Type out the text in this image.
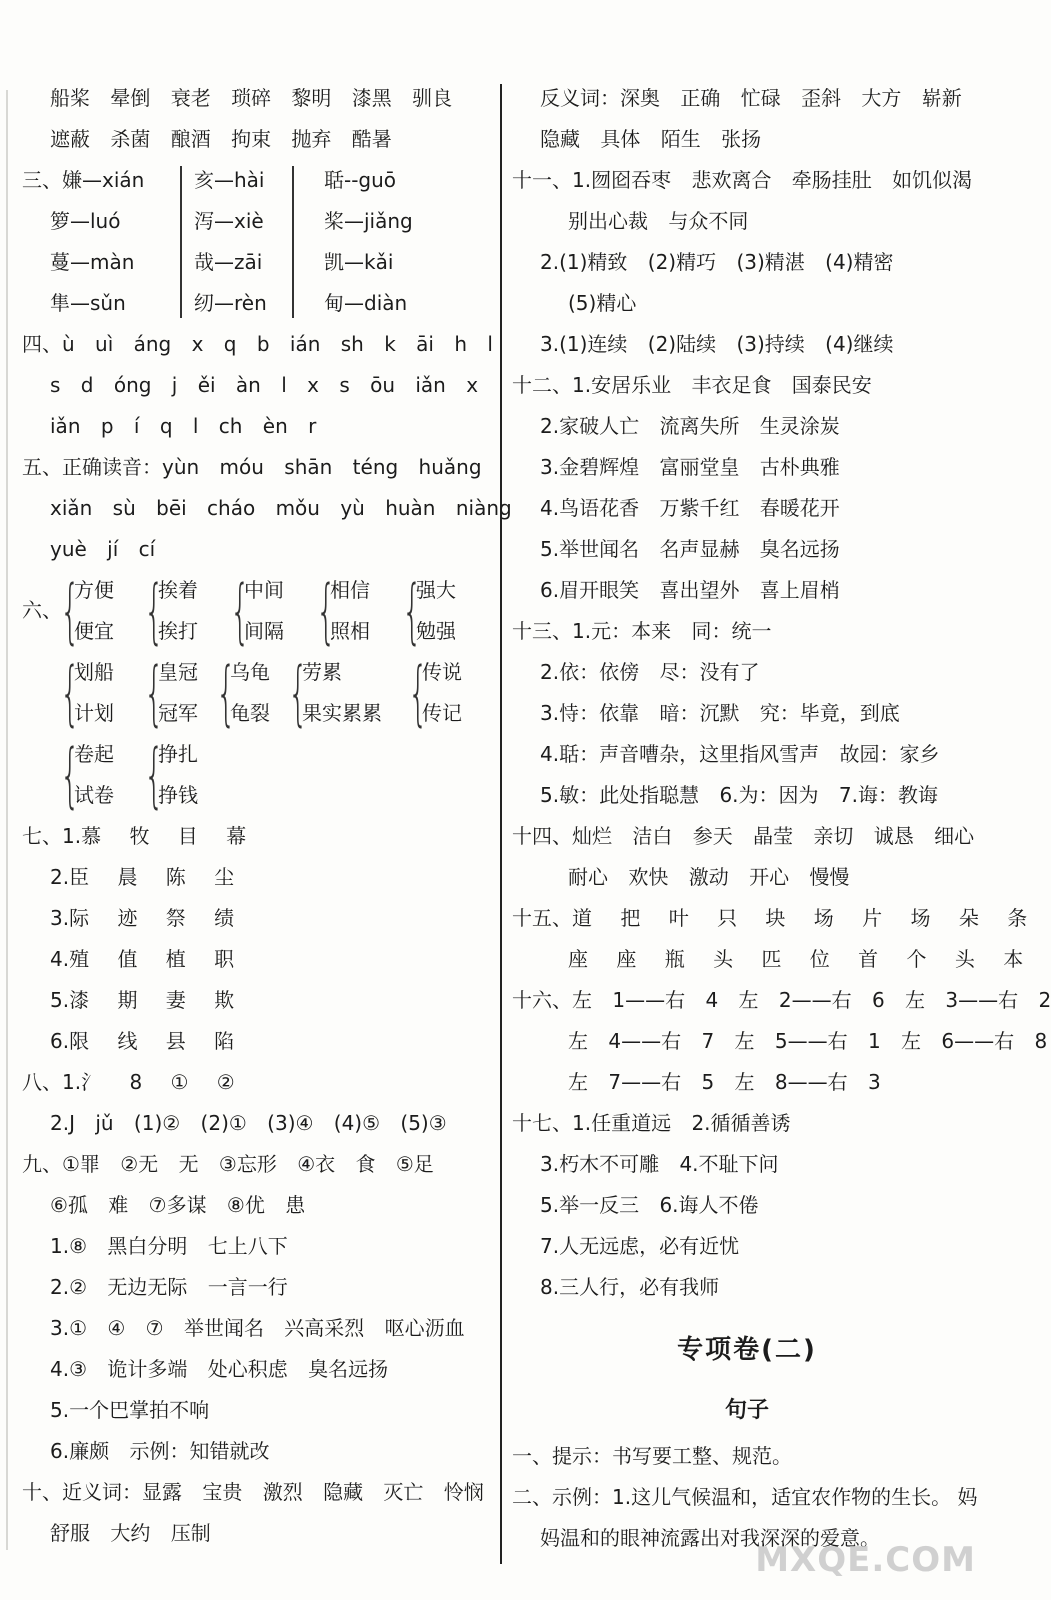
船桨 晕倒 衰老 琐碎 黎明 漆黑 驯良
遮蔽 杀菌 酿酒 拘束 抛弃 酷暑
三、嫌—xián
箩—luó
蔓—màn
隼—sǔn
亥—hài
泻—xiè
哉—zāi
纫—rèn
聒--guō
桨—jiǎng
凯—kǎi
甸—diàn
四、ù uì áng x q b ián sh k āi h l
s d óng j ěi àn l x s ōu iǎn x
iǎn p í q l ch èn r
五、正确读音：yùn móu shān téng huǎng
xiǎn sù bēi cháo mǒu yù huàn niàng
yuè jí cí
六、
{
方便
便宜 {
挨着
挨打 {
中间
间隔 {
相信
照相 {
强大
勉强
{
划船
计划 {
皇冠
冠军 {
乌龟
龟裂 {
劳累
果实累累 {
传说
传记
{
卷起
试卷 {
挣扎
挣钱
七、1.慕 牧 目 幕
2.臣 晨 陈 尘
3.际 迹 祭 绩
4.殖 值 植 职
5.漆 期 妻 欺
6.限 线 县 陷
八、1.氵 8 ① ②
2.J jǔ (1)② (2)① (3)④ (4)⑤ (5)③
九、①罪 ②无 无 ③忘形 ④衣 食 ⑤足
⑥孤 难 ⑦多谋 ⑧优 患
1.⑧ 黑白分明 七上八下
2.② 无边无际 一言一行
3.① ④ ⑦ 举世闻名 兴高采烈 呕心沥血
4.③ 诡计多端 处心积虑 臭名远扬
5.一个巴掌拍不响
6.廉颇 示例：知错就改
十、近义词：显露 宝贵 激烈 隐藏 灭亡 怜悯
舒服 大约 压制
反义词：深奥 正确 忙碌 歪斜 大方 崭新
隐藏 具体 陌生 张扬
十一、1.囫囵吞枣 悲欢离合 牵肠挂肚 如饥似渴
别出心裁 与众不同
2.(1)精致 (2)精巧 (3)精湛 (4)精密
(5)精心
3.(1)连续 (2)陆续 (3)持续 (4)继续
十二、1.安居乐业 丰衣足食 国泰民安
2.家破人亡 流离失所 生灵涂炭
3.金碧辉煌 富丽堂皇 古朴典雅
4.鸟语花香 万紫千红 春暖花开
5.举世闻名 名声显赫 臭名远扬
6.眉开眼笑 喜出望外 喜上眉梢
十三、1.元：本来 同：统一
2.依：依傍 尽：没有了
3.恃：依靠 暗：沉默 究：毕竟，到底
4.聒：声音嘈杂，这里指风雪声 故园：家乡
5.敏：此处指聪慧 6.为：因为 7.诲：教诲
十四、灿烂 洁白 参天 晶莹 亲切 诚恳 细心
耐心 欢快 激动 开心 慢慢
十五、道 把 叶 只 块 场 片 场 朵 条
座 座 瓶 头 匹 位 首 个 头 本
十六、左 1——右 4 左 2——右 6 左 3——右 2
左 4——右 7 左 5——右 1 左 6——右 8
左 7——右 5 左 8——右 3
十七、1.任重道远 2.循循善诱
3.朽木不可雕 4.不耻下问
5.举一反三 6.诲人不倦
7.人无远虑，必有近忧
8.三人行，必有我师
专项卷(二)
句子
一、提示：书写要工整、规范。
二、示例：1.这儿气候温和，适宜农作物的生长。 妈
妈温和的眼神流露出对我深深的爱意。
MXQE.COM
